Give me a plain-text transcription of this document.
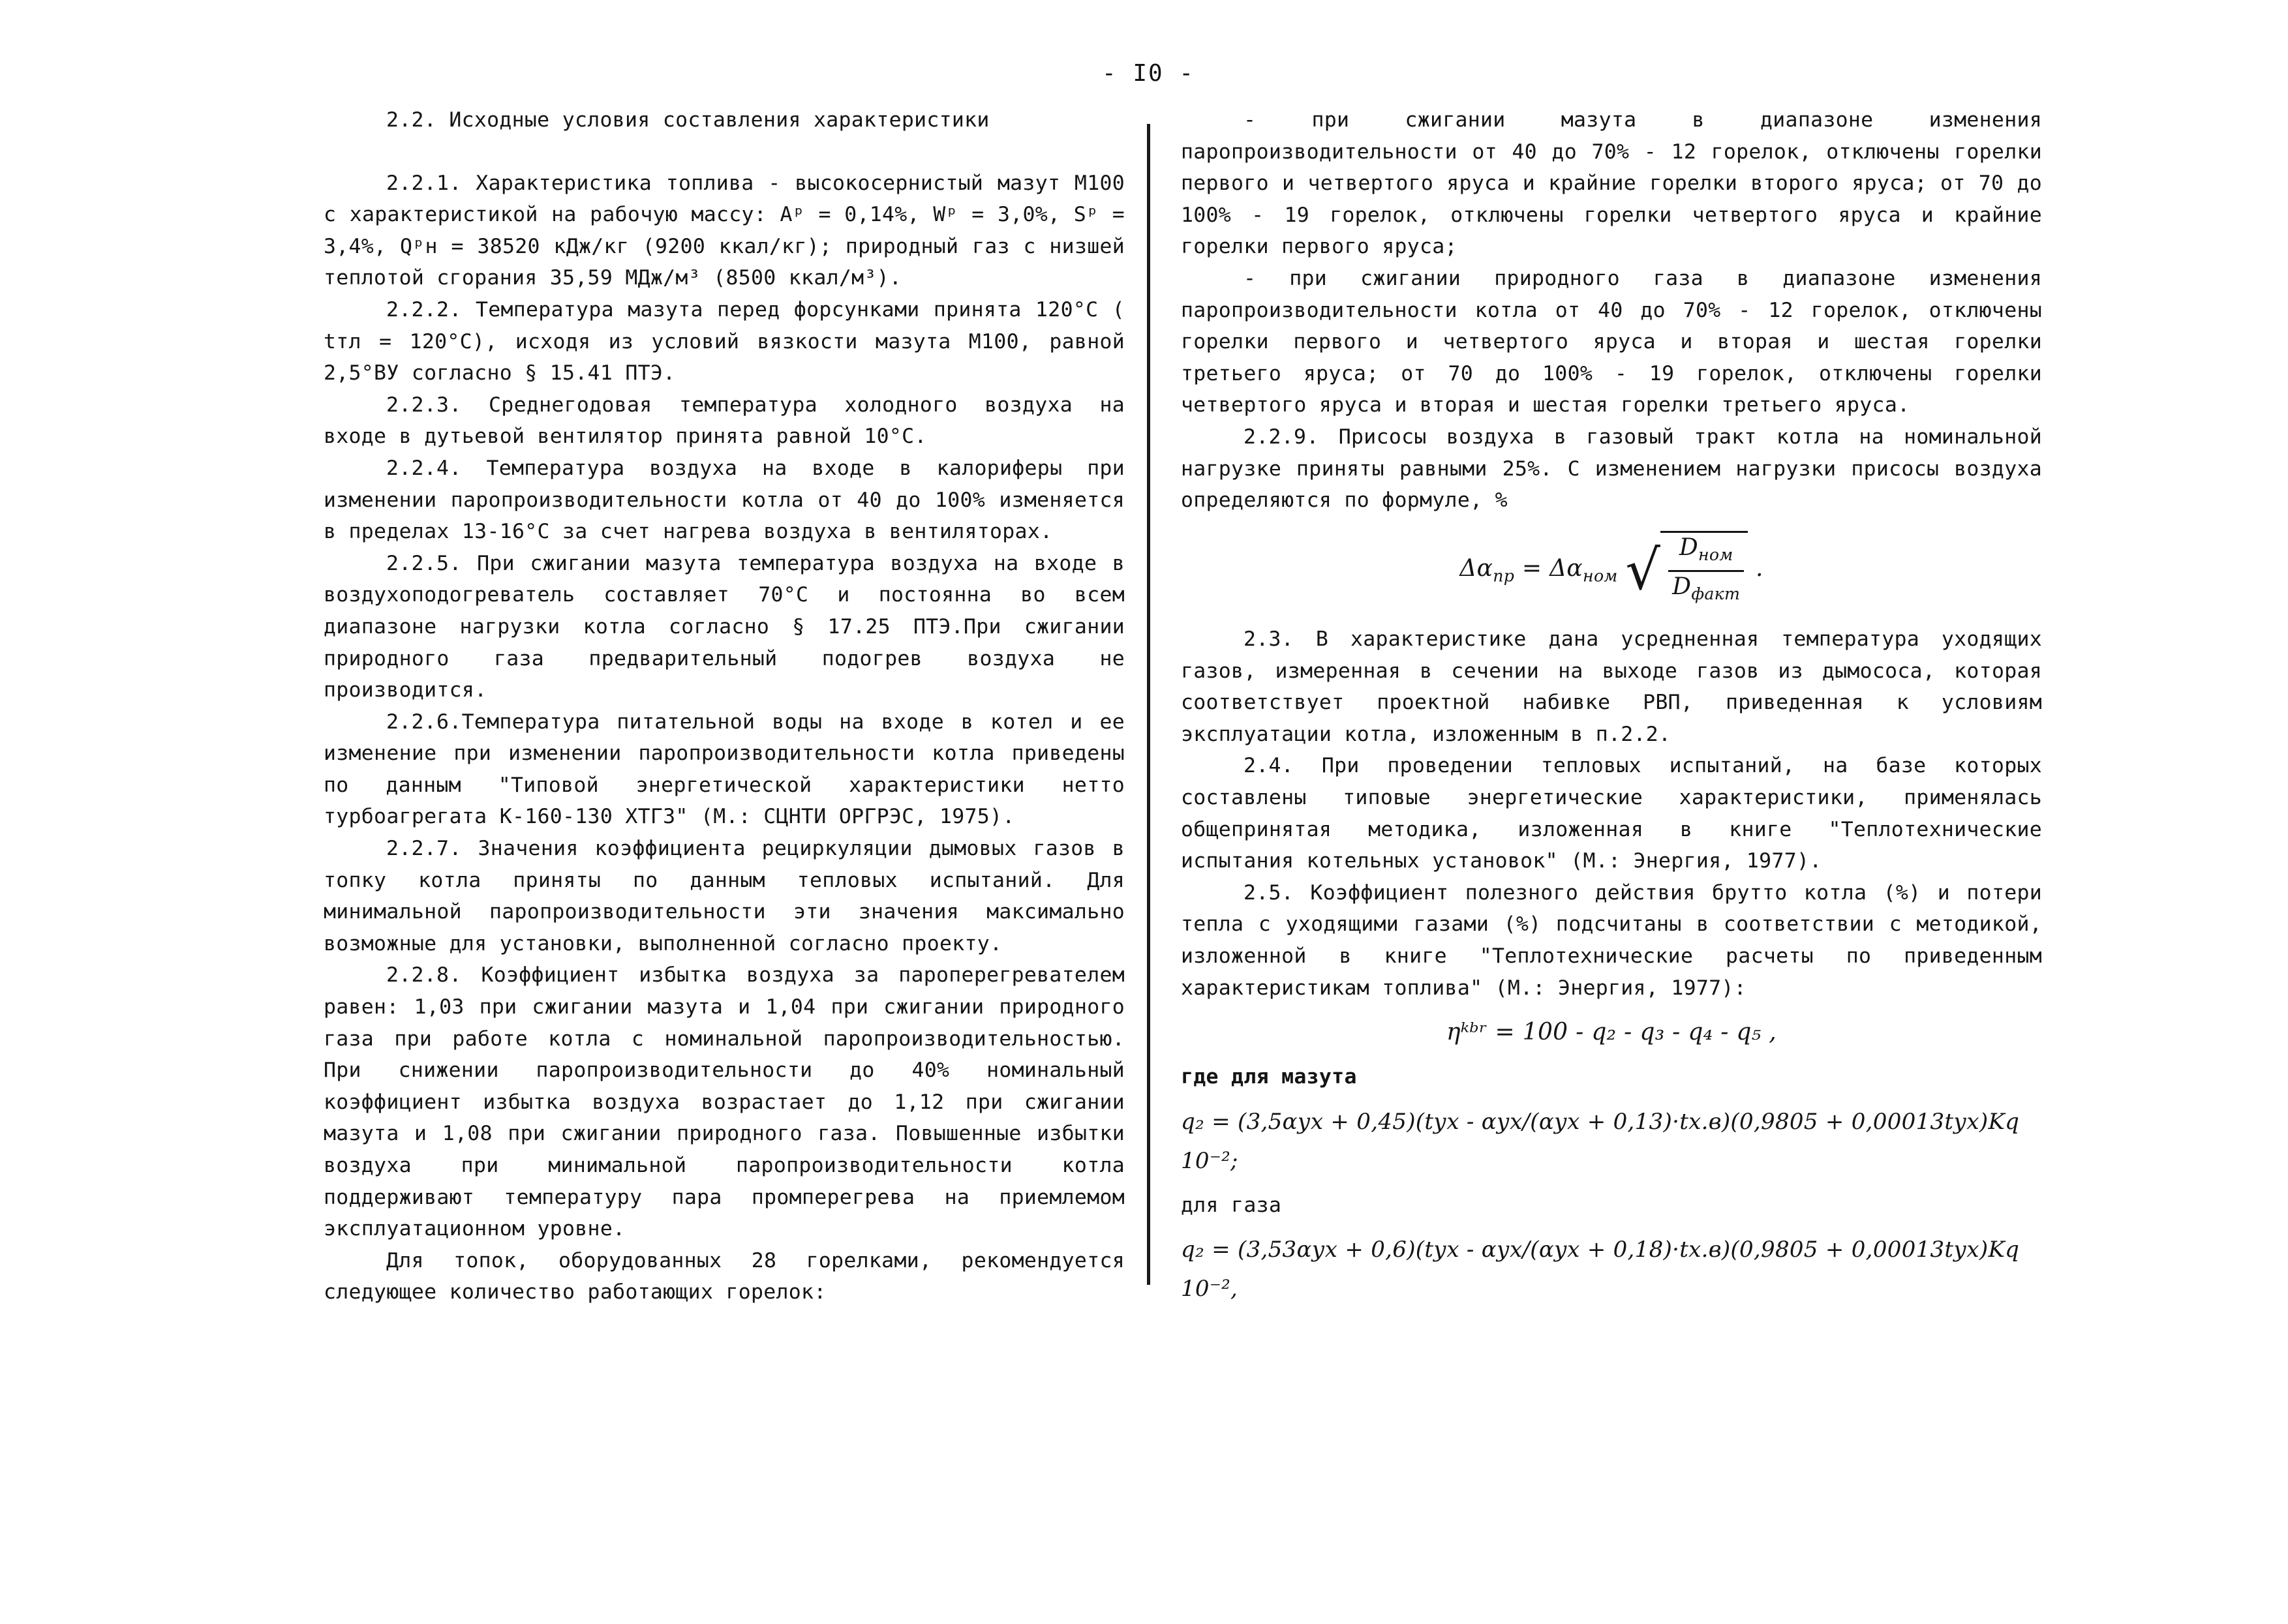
- I0 -

2.2. Исходные условия составления характеристики

2.2.1. Характеристика топлива - высокосернистый мазут М100 с характеристикой на рабочую массу: Aᵖ = 0,14%, Wᵖ = 3,0%, Sᵖ = 3,4%, Qᵖн = 38520 кДж/кг (9200 ккал/кг); природный газ с низшей теплотой сгорания 35,59 МДж/м³ (8500 ккал/м³).

2.2.2. Температура мазута перед форсунками принята 120°С ( tтл = 120°С), исходя из условий вязкости мазута М100, равной 2,5°ВУ согласно § 15.41 ПТЭ.

2.2.3. Среднегодовая температура холодного воздуха на входе в дутьевой вентилятор принята равной 10°С.

2.2.4. Температура воздуха на входе в калориферы при изменении паропроизводительности котла от 40 до 100% изменяется в пределах 13-16°С за счет нагрева воздуха в вентиляторах.

2.2.5. При сжигании мазута температура воздуха на входе в воздухоподогреватель составляет 70°С и постоянна во всем диапазоне нагрузки котла согласно § 17.25 ПТЭ.При сжигании природного газа предварительный подогрев воздуха не производится.

2.2.6.Температура питательной воды на входе в котел и ее изменение при изменении паропроизводительности котла приведены по данным "Типовой энергетической характеристики нетто турбоагрегата К-160-130 ХТГЗ" (М.: СЦНТИ ОРГРЭС, 1975).

2.2.7. Значения коэффициента рециркуляции дымовых газов в топку котла приняты по данным тепловых испытаний. Для минимальной паропроизводительности эти значения максимально возможные для установки, выполненной согласно проекту.

2.2.8. Коэффициент избытка воздуха за пароперегревателем равен: 1,03 при сжигании мазута и 1,04 при сжигании природного газа при работе котла с номинальной паропроизводительностью. При снижении паропроизводительности до 40% номинальный коэффициент избытка воздуха возрастает до 1,12 при сжигании мазута и 1,08 при сжигании природного газа. Повышенные избытки воздуха при минимальной паропроизводительности котла поддерживают температуру пара промперегрева на приемлемом эксплуатационном уровне.

Для топок, оборудованных 28 горелками, рекомендуется следующее количество работающих горелок:

- при сжигании мазута в диапазоне изменения паропроизводительности от 40 до 70% - 12 горелок, отключены горелки первого и четвертого яруса и крайние горелки второго яруса; от 70 до 100% - 19 горелок, отключены горелки четвертого яруса и крайние горелки первого яруса;

- при сжигании природного газа в диапазоне изменения паропроизводительности котла от 40 до 70% - 12 горелок, отключены горелки первого и четвертого яруса и вторая и шестая горелки третьего яруса; от 70 до 100% - 19 горелок, отключены горелки четвертого яруса и вторая и шестая горелки третьего яруса.

2.2.9. Присосы воздуха в газовый тракт котла на номинальной нагрузке приняты равными 25%. С изменением нагрузки присосы воздуха определяются по формуле, %

$\Delta\alpha_{пр} = \Delta\alpha_{ном}$ √ $\frac{D_{ном}}{D_{факт}}$ .

2.3. В характеристике дана усредненная температура уходящих газов, измеренная в сечении на выходе газов из дымососа, которая соответствует проектной набивке РВП, приведенная к условиям эксплуатации котла, изложенным в п.2.2.

2.4. При проведении тепловых испытаний, на базе которых составлены типовые энергетические характеристики, применялась общепринятая методика, изложенная в книге "Теплотехнические испытания котельных установок" (М.: Энергия, 1977).

2.5. Коэффициент полезного действия брутто котла (%) и потери тепла с уходящими газами (%) подсчитаны в соответствии с методикой, изложенной в книге "Теплотехнические расчеты по приведенным характеристикам топлива" (М.: Энергия, 1977):

ηᵏᵇʳ = 100 - q₂ - q₃ - q₄ - q₅ ,

где для мазута

q₂ = (3,5αух + 0,45)(tух - αух/(αух + 0,13)·tх.в)(0,9805 + 0,00013tух)Kq 10⁻²;

для газа

q₂ = (3,53αух + 0,6)(tух - αух/(αух + 0,18)·tх.в)(0,9805 + 0,00013tух)Kq 10⁻²,
